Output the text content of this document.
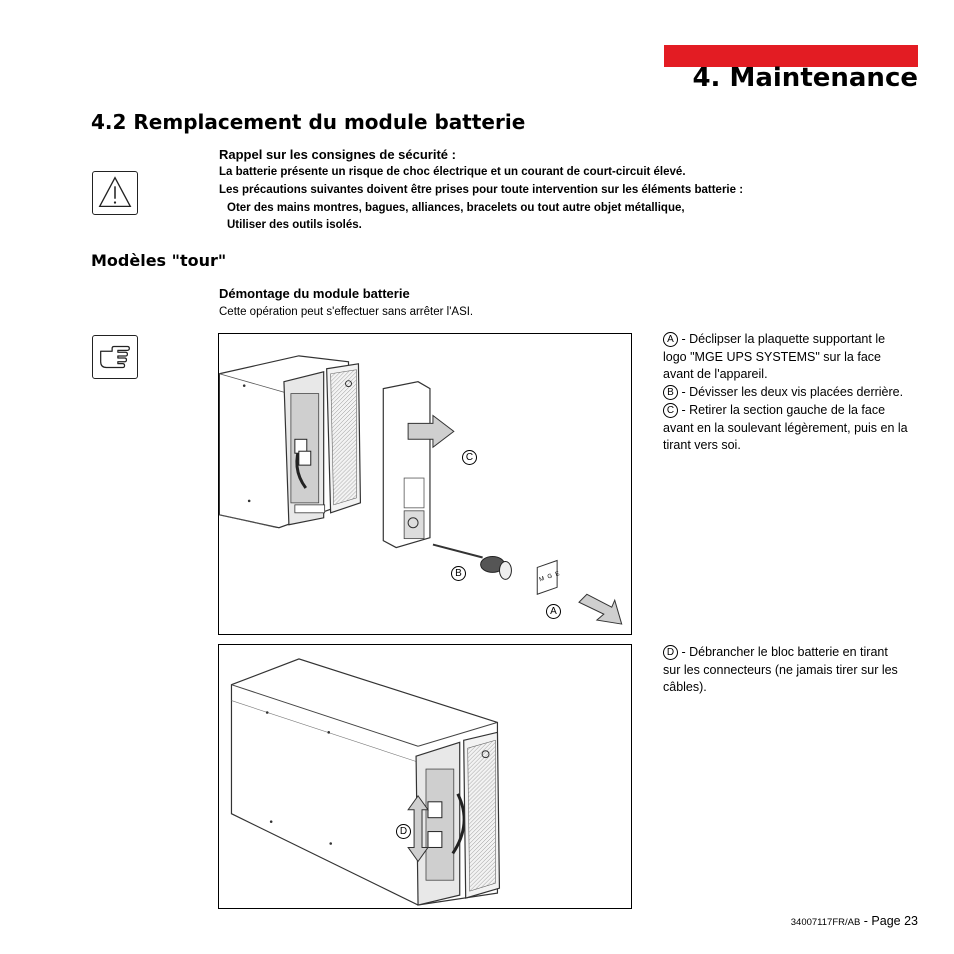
4. Maintenance
4.2 Remplacement du module batterie
Rappel sur les consignes de sécurité :
La batterie présente un risque de choc électrique et un courant de court-circuit élevé.
Les précautions suivantes doivent être prises pour toute intervention sur les éléments batterie :
Oter des mains montres, bagues, alliances, bracelets ou tout autre objet métallique,
Utiliser des outils isolés.
Modèles "tour"
Démontage du module batterie
Cette opération peut s'effectuer sans arrêter l'ASI.
C
B
A
M G E
A - Déclipser la plaquette supportant le
logo "MGE UPS SYSTEMS" sur la face
avant de l'appareil.
B - Dévisser les deux vis placées derrière.
C - Retirer la section gauche de la face
avant en la soulevant légèrement, puis en la
tirant vers soi.
D
D - Débrancher le bloc batterie en tirant
sur les connecteurs (ne jamais tirer sur les
câbles).
34007117FR/AB - Page 23
